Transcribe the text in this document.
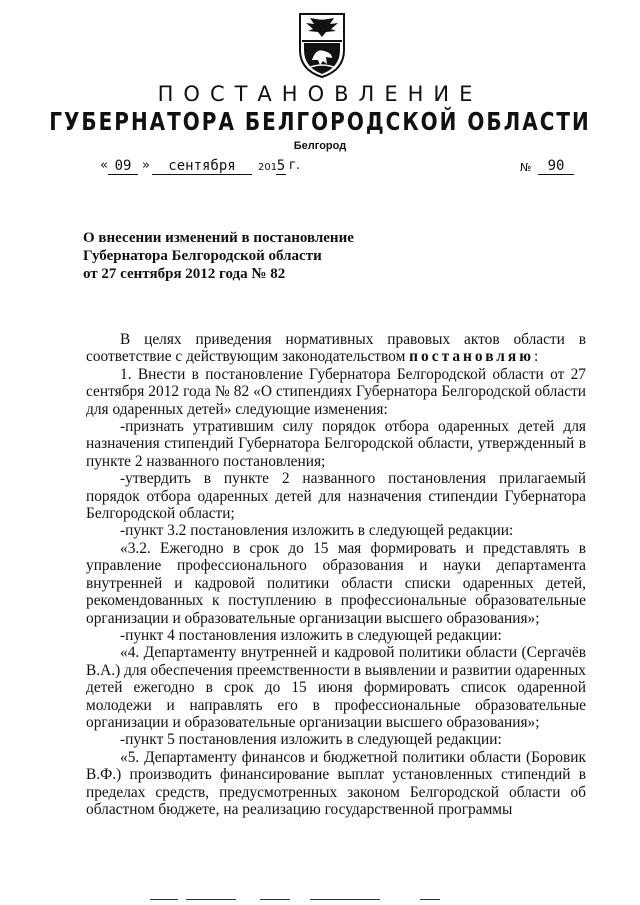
ПОСТАНОВЛЕНИЕ
ГУБЕРНАТОРА БЕЛГОРОДСКОЙ ОБЛАСТИ
Белгород
« 09 »	сентября	201 5 г.	№	90
О внесении изменений в постановление
Губернатора Белгородской области
от 27 сентября 2012 года № 82

В целях приведения нормативных правовых актов области в соответствие с действующим законодательством постановляю:

1. Внести в постановление Губернатора Белгородской области от 27 сентября 2012 года № 82 «О стипендиях Губернатора Белгородской области для одаренных детей» следующие изменения:

-признать утратившим силу порядок отбора одаренных детей для назначения стипендий Губернатора Белгородской области, утвержденный в пункте 2 названного постановления;

-утвердить в пункте 2 названного постановления прилагаемый порядок отбора одаренных детей для назначения стипендии Губернатора Белгородской области;

-пункт 3.2 постановления изложить в следующей редакции:

«3.2. Ежегодно в срок до 15 мая формировать и представлять в управление профессионального образования и науки департамента внутренней и кадровой политики области списки одаренных детей, рекомендованных к поступлению в профессиональные образовательные организации и образовательные организации высшего образования»;

-пункт 4 постановления изложить в следующей редакции:

«4. Департаменту внутренней и кадровой политики области (Сергачёв В.А.) для обеспечения преемственности в выявлении и развитии одаренных детей ежегодно в срок до 15 июня формировать список одаренной молодежи и направлять его в профессиональные образовательные организации и образовательные организации высшего образования»;

-пункт 5 постановления изложить в следующей редакции:

«5. Департаменту финансов и бюджетной политики области (Боровик В.Ф.) производить финансирование выплат установленных стипендий в пределах средств, предусмотренных законом Белгородской области об областном бюджете, на реализацию государственной программы
